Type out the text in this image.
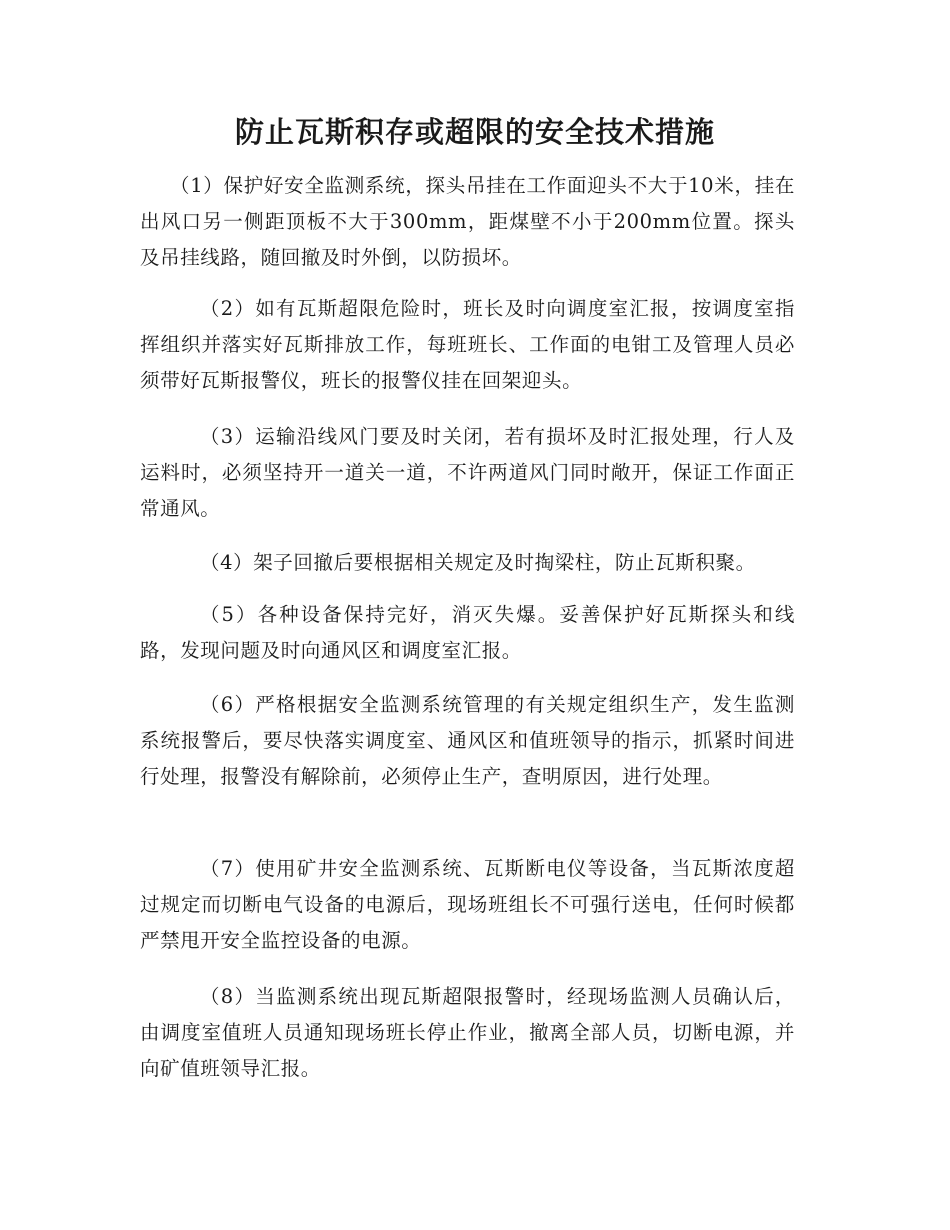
防止瓦斯积存或超限的安全技术措施

（1）保护好安全监测系统，探头吊挂在工作面迎头不大于10米，挂在出风口另一侧距顶板不大于300mm，距煤壁不小于200mm位置。探头及吊挂线路，随回撤及时外倒，以防损坏。

（2）如有瓦斯超限危险时，班长及时向调度室汇报，按调度室指挥组织并落实好瓦斯排放工作，每班班长、工作面的电钳工及管理人员必须带好瓦斯报警仪，班长的报警仪挂在回架迎头。

（3）运输沿线风门要及时关闭，若有损坏及时汇报处理，行人及运料时，必须坚持开一道关一道，不许两道风门同时敞开，保证工作面正常通风。

（4）架子回撤后要根据相关规定及时掏梁柱，防止瓦斯积聚。

（5）各种设备保持完好，消灭失爆。妥善保护好瓦斯探头和线路，发现问题及时向通风区和调度室汇报。

（6）严格根据安全监测系统管理的有关规定组织生产，发生监测系统报警后，要尽快落实调度室、通风区和值班领导的指示，抓紧时间进行处理，报警没有解除前，必须停止生产，查明原因，进行处理。

（7）使用矿井安全监测系统、瓦斯断电仪等设备，当瓦斯浓度超过规定而切断电气设备的电源后，现场班组长不可强行送电，任何时候都严禁甩开安全监控设备的电源。

（8）当监测系统出现瓦斯超限报警时，经现场监测人员确认后，由调度室值班人员通知现场班长停止作业，撤离全部人员，切断电源，并向矿值班领导汇报。
